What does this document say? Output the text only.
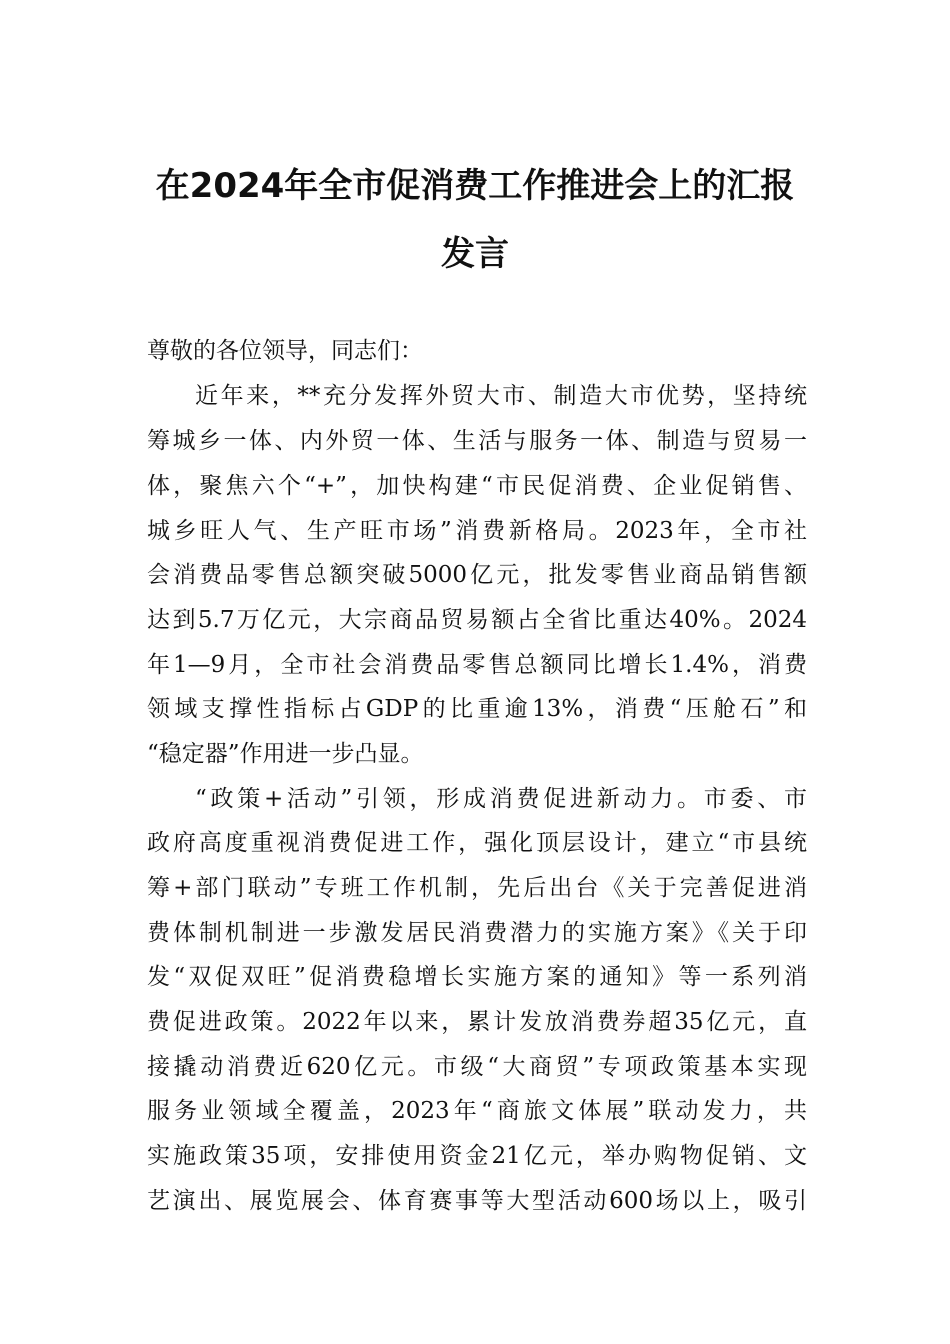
在2024年全市促消费工作推进会上的汇报
发言
尊敬的各位领导，同志们：
近年来，**充分发挥外贸大市、制造大市优势，坚持统
筹城乡一体、内外贸一体、生活与服务一体、制造与贸易一
体，聚焦六个“+”，加快构建“市民促消费、企业促销售、
城乡旺人气、生产旺市场”消费新格局。2023年，全市社
会消费品零售总额突破5000亿元，批发零售业商品销售额
达到5.7万亿元，大宗商品贸易额占全省比重达40%。2024
年1—9月，全市社会消费品零售总额同比增长1.4%，消费
领域支撑性指标占GDP的比重逾13%，消费“压舱石”和
“稳定器”作用进一步凸显。
“政策+活动”引领，形成消费促进新动力。市委、市
政府高度重视消费促进工作，强化顶层设计，建立“市县统
筹+部门联动”专班工作机制，先后出台《关于完善促进消
费体制机制进一步激发居民消费潜力的实施方案》《关于印
发“双促双旺”促消费稳增长实施方案的通知》等一系列消
费促进政策。2022年以来，累计发放消费券超35亿元，直
接撬动消费近620亿元。市级“大商贸”专项政策基本实现
服务业领域全覆盖，2023年“商旅文体展”联动发力，共
实施政策35项，安排使用资金21亿元，举办购物促销、文
艺演出、展览展会、体育赛事等大型活动600场以上，吸引
